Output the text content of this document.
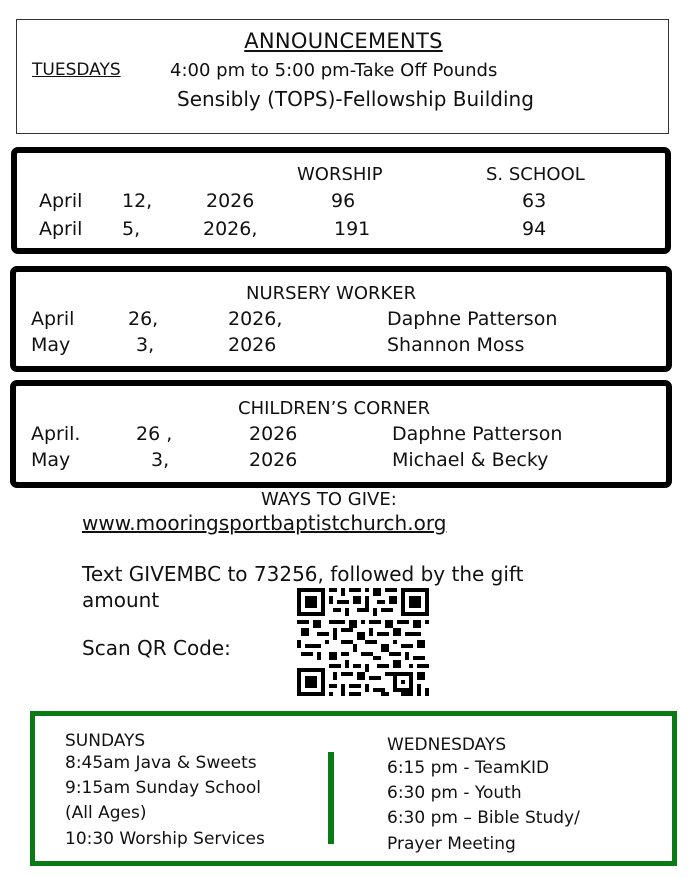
ANNOUNCEMENTS
TUESDAYS	4:00 pm to 5:00 pm-Take Off Pounds
Sensibly (TOPS)-Fellowship Building
WORSHIP	S. SCHOOL
April 12,	2026	96	63
April 5,	2026,	191	94
NURSERY WORKER
April	26,	2026,	Daphne Patterson
May	3,	2026	Shannon Moss
CHILDREN’S CORNER
April.	26 ,	2026	Daphne Patterson
May	3,	2026	Michael & Becky
WAYS TO GIVE:
www.mooringsportbaptistchurch.org
Text GIVEMBC to 73256, followed by the gift
amount
Scan QR Code:
SUNDAYS
8:45am Java & Sweets
9:15am Sunday School
(All Ages)
10:30 Worship Services
WEDNESDAYS
6:15 pm - TeamKID
6:30 pm - Youth
6:30 pm – Bible Study/
Prayer Meeting
